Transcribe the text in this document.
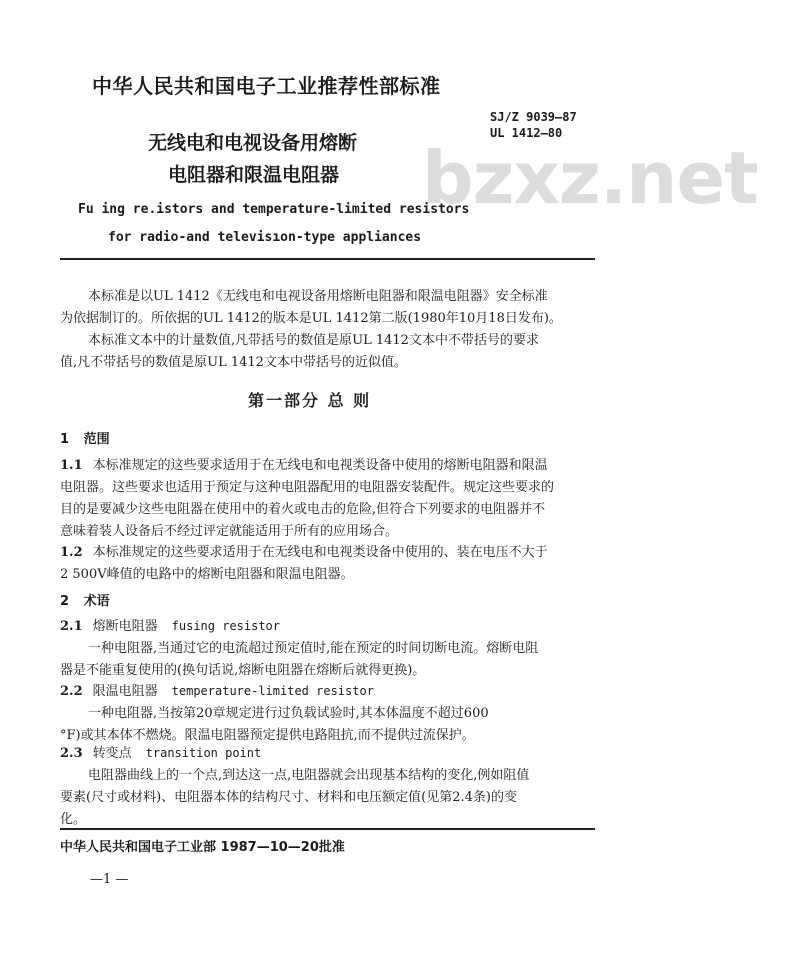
中华人民共和国电子工业推荐性部标准
SJ/Z 9039—87
UL 1412—80
bzxz.net
无线电和电视设备用熔断
电阻器和限温电阻器
Fu ing re.istors and temperature-limited resistors
for radio-and televisıon-type appliances
本标准是以UL 1412《无线电和电视设备用熔断电阻器和限温电阻器》安全标准
为依据制订的。所依据的UL 1412的版本是UL 1412第二版(1980年10月18日发布)。
本标准文本中的计量数值,凡带括号的数值是原UL 1412文本中不带括号的要求
值,凡不带括号的数值是原UL 1412文本中带括号的近似值。
第一部分 总 则
1 范围
1.1 本标准规定的这些要求适用于在无线电和电视类设备中使用的熔断电阻器和限温
电阻器。这些要求也适用于预定与这种电阻器配用的电阻器安装配件。规定这些要求的
目的是要减少这些电阻器在使用中的着火或电击的危险,但符合下列要求的电阻器并不
意味着装人设备后不经过评定就能适用于所有的应用场合。
1.2 本标准规定的这些要求适用于在无线电和电视类设备中使用的、装在电压不大于
2 500V峰值的电路中的熔断电阻器和限温电阻器。
2 术语
2.1 熔断电阻器 fusing resistor
一种电阻器,当通过它的电流超过预定值时,能在预定的时间切断电流。熔断电阻
器是不能重复使用的(换句话说,熔断电阻器在熔断后就得更换)。
2.2 限温电阻器 temperature-limited resistor
一种电阻器,当按第20章规定进行过负载试验时,其本体温度不超过600
°F)或其本体不燃烧。限温电阻器预定提供电路阻抗,而不提供过流保护。
2.3 转变点 transition point
电阻器曲线上的一个点,到达这一点,电阻器就会出现基本结构的变化,例如阻值
要素(尺寸或材料)、电阻器本体的结构尺寸、材料和电压额定值(见第2.4条)的变
化。
中华人民共和国电子工业部 1987—10—20批准
—1 —
